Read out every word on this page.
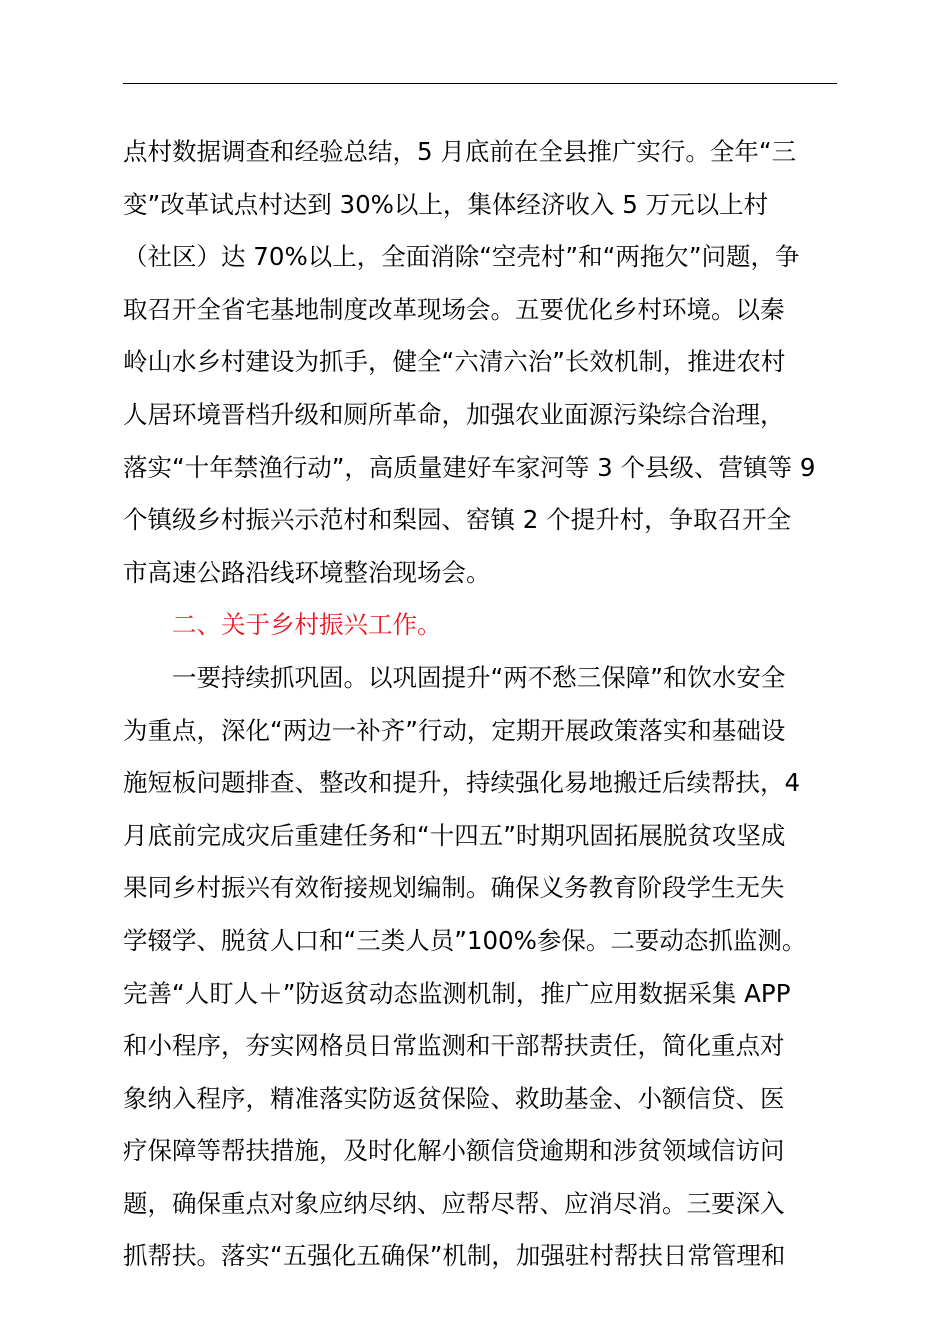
点村数据调查和经验总结，5 月底前在全县推广实行。全年“三
变”改革试点村达到 30%以上，集体经济收入 5 万元以上村
（社区）达 70%以上，全面消除“空壳村”和“两拖欠”问题，争
取召开全省宅基地制度改革现场会。五要优化乡村环境。以秦
岭山水乡村建设为抓手，健全“六清六治”长效机制，推进农村
人居环境晋档升级和厕所革命，加强农业面源污染综合治理，
落实“十年禁渔行动”，高质量建好车家河等 3 个县级、营镇等 9
个镇级乡村振兴示范村和梨园、窑镇 2 个提升村，争取召开全
市高速公路沿线环境整治现场会。
二、关于乡村振兴工作。
一要持续抓巩固。以巩固提升“两不愁三保障”和饮水安全
为重点，深化“两边一补齐”行动，定期开展政策落实和基础设
施短板问题排查、整改和提升，持续强化易地搬迁后续帮扶，4
月底前完成灾后重建任务和“十四五”时期巩固拓展脱贫攻坚成
果同乡村振兴有效衔接规划编制。确保义务教育阶段学生无失
学辍学、脱贫人口和“三类人员”100%参保。二要动态抓监测。
完善“人盯人＋”防返贫动态监测机制，推广应用数据采集 APP
和小程序，夯实网格员日常监测和干部帮扶责任，简化重点对
象纳入程序，精准落实防返贫保险、救助基金、小额信贷、医
疗保障等帮扶措施，及时化解小额信贷逾期和涉贫领域信访问
题，确保重点对象应纳尽纳、应帮尽帮、应消尽消。三要深入
抓帮扶。落实“五强化五确保”机制，加强驻村帮扶日常管理和
